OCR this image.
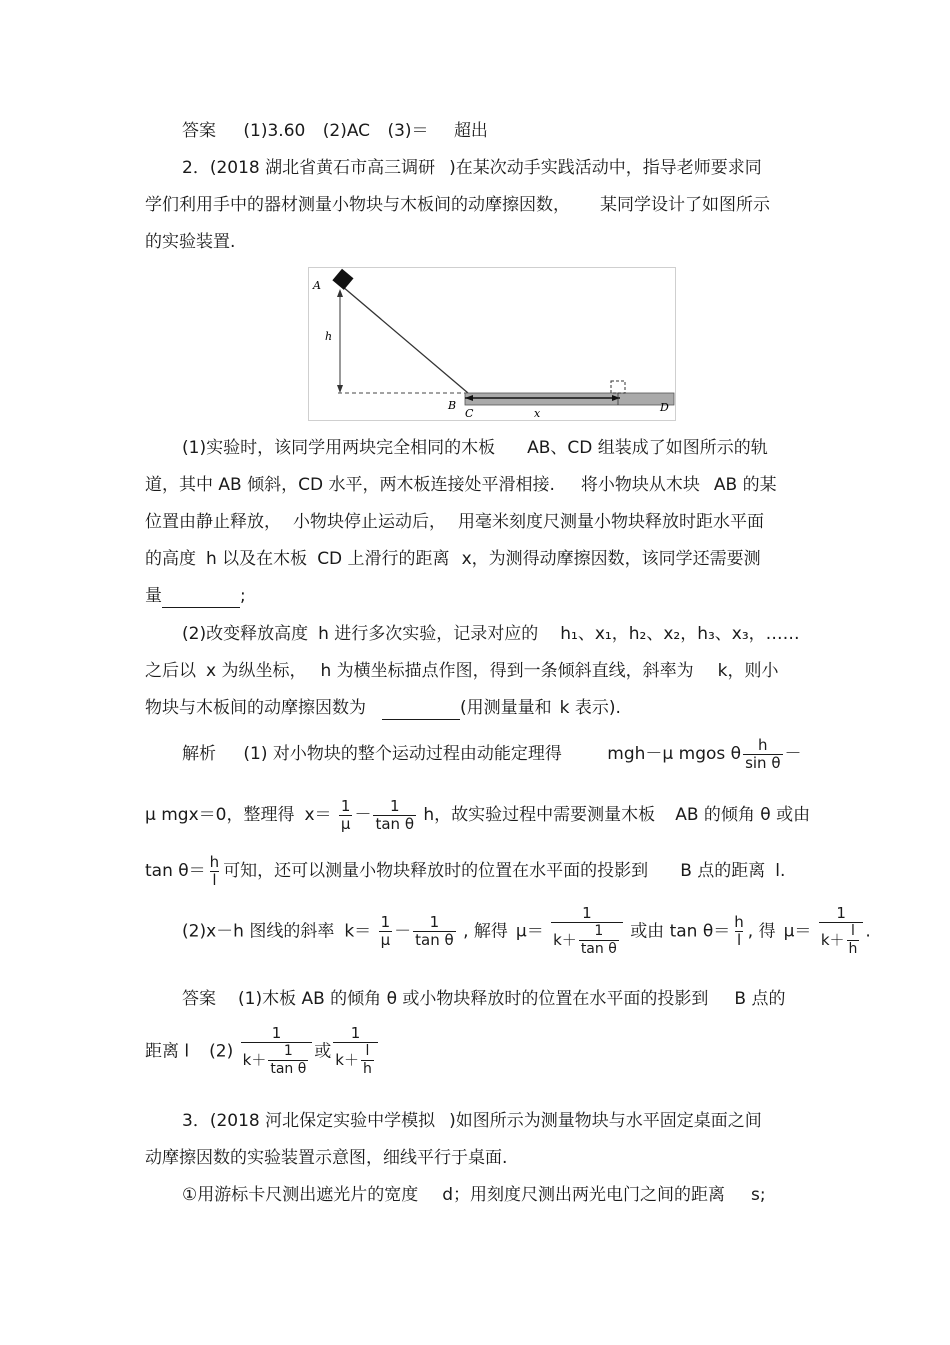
答案 (1)3.60 (2)AC (3)＝ 超出
2．(2018 湖北省黄石市高三调研 )在某次动手实践活动中，指导老师要求同
学们利用手中的器材测量小物块与木板间的动摩擦因数， 某同学设计了如图所示
的实验装置.
A
h
B
C	x	D
(1)实验时，该同学用两块完全相同的木板 AB、CD 组装成了如图所示的轨
道，其中 AB 倾斜，CD 水平，两木板连接处平滑相接. 将小物块从木块 AB 的某
位置由静止释放， 小物块停止运动后， 用毫米刻度尺测量小物块释放时距水平面
的高度 h 以及在木板 CD 上滑行的距离 x，为测得动摩擦因数，该同学还需要测
量	;
(2)改变释放高度 h 进行多次实验，记录对应的 h₁、x₁，h₂、x₂，h₃、x₃，……
之后以 x 为纵坐标， h 为横坐标描点作图，得到一条倾斜直线，斜率为 k，则小
物块与木板间的动摩擦因数为	(用测量量和 k 表示).
解析 (1) 对小物块的整个运动过程由动能定理得	mgh－μ mgos θ $\frac{h}{\text{sin θ}}$ －
μ mgx＝0，整理得 $x= \frac{1}{\mu} - \frac{1}{\text{tan θ}}$ h，故实验过程中需要测量木板 AB 的倾角 θ 或由
$\tan \theta= \frac{h}{l}$ 可知，还可以测量小物块释放时的位置在水平面的投影到 B 点的距离 l.
(2)x－h 图线的斜率 $k= \frac{1}{\mu} - \frac{1}{\text{tan θ}}$ , 解得 $\mu= \frac{1}{k+ \frac{1}{\text{tan θ}}}$ 或由 $\tan \theta= \frac{h}{l}$ , 得 $\mu= \frac{1}{k+ \frac{l}{h}}$ .
答案 (1)木板 AB 的倾角 θ 或小物块释放时的位置在水平面的投影到 B 点的
距离 l $(2) \frac{1}{k+ \frac{1}{\text{tan θ}}}$ 或 $\frac{1}{k+ \frac{l}{h}}$
3．(2018 河北保定实验中学模拟 )如图所示为测量物块与水平固定桌面之间
动摩擦因数的实验装置示意图，细线平行于桌面.
①用游标卡尺测出遮光片的宽度 d；用刻度尺测出两光电门之间的距离 s;
